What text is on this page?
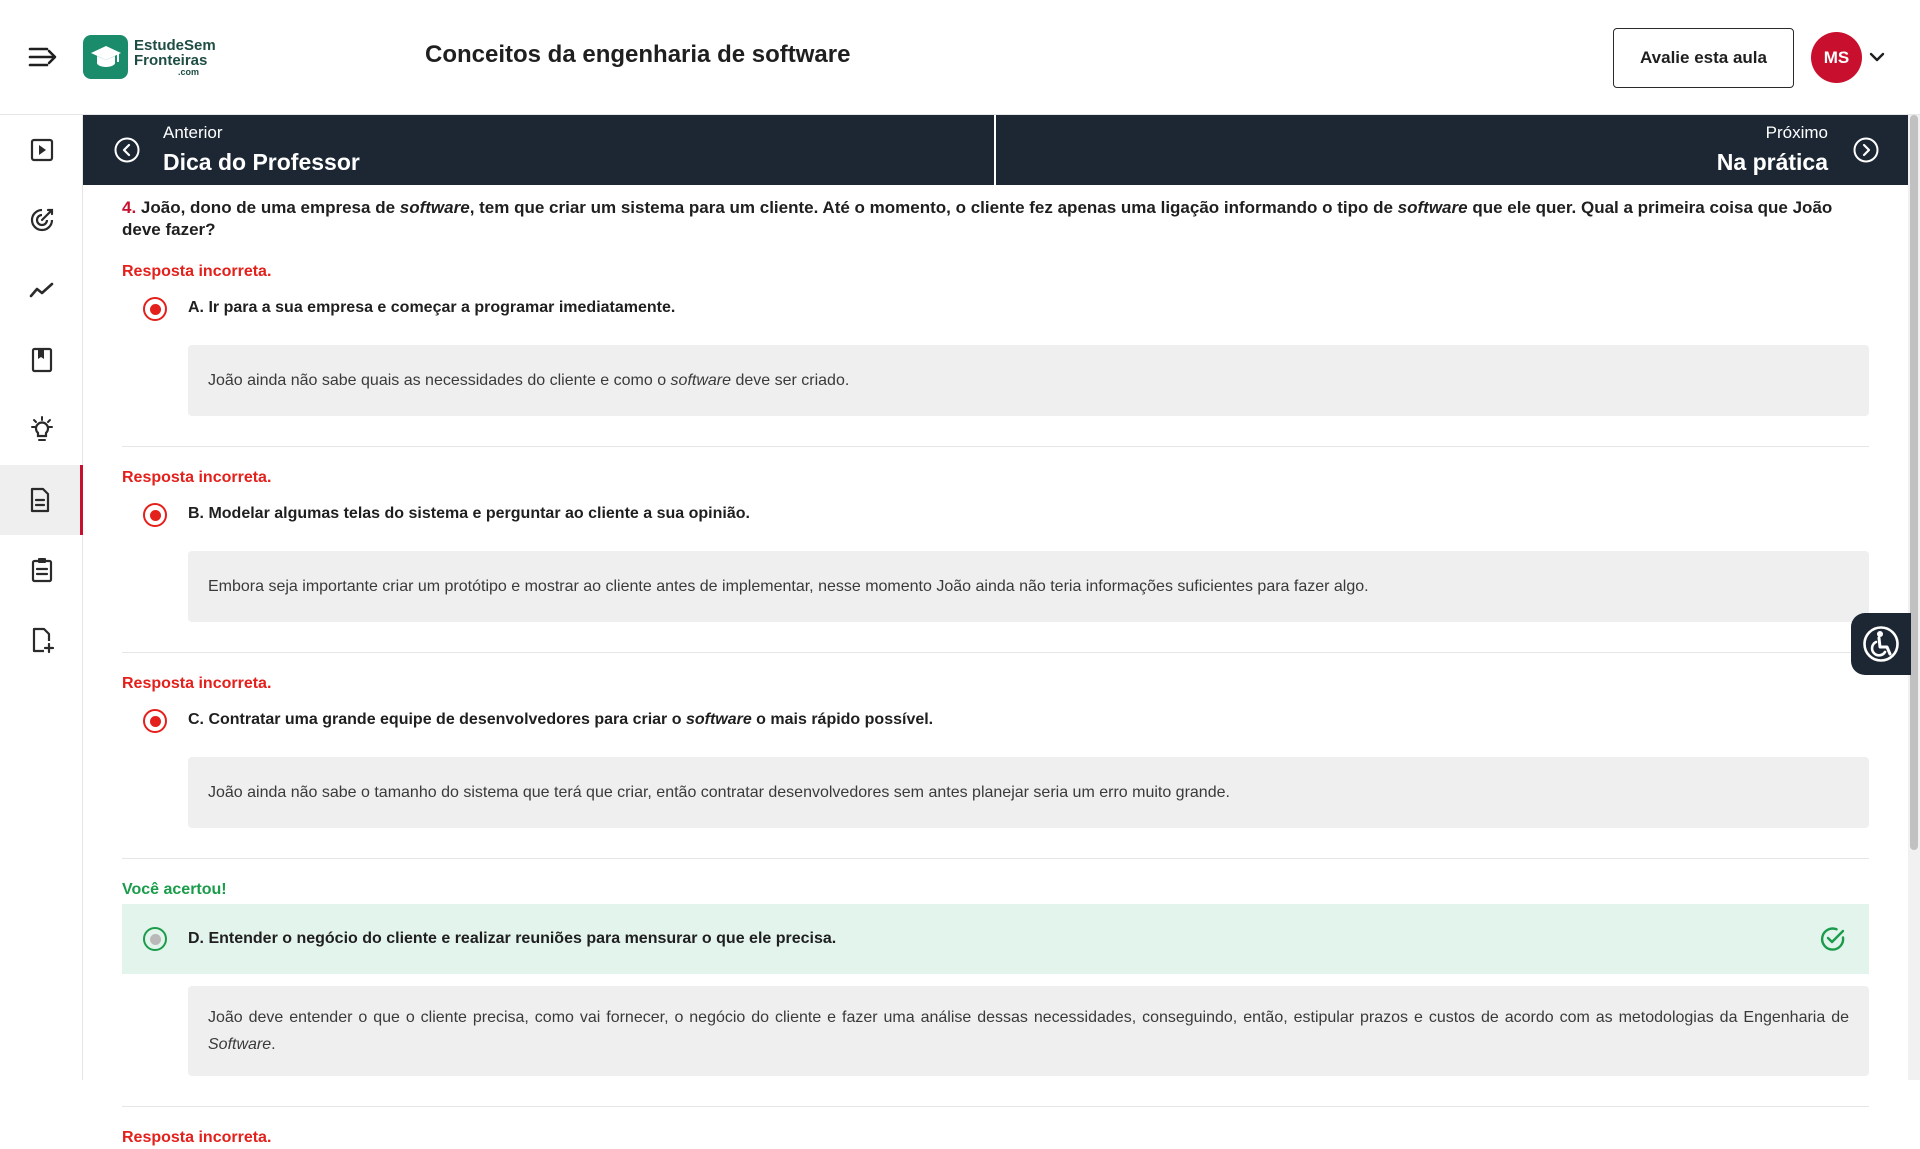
EstudeSem
Fronteiras
.com
Conceitos da engenharia de software	Avalie esta aula	MS
Anterior
Dica do Professor
Próximo
Na prática

4. João, dono de uma empresa de software, tem que criar um sistema para um cliente. Até o momento, o cliente fez apenas uma ligação informando o tipo de software que ele quer. Qual a primeira coisa que João deve fazer?

Resposta incorreta.
A. Ir para a sua empresa e começar a programar imediatamente.
João ainda não sabe quais as necessidades do cliente e como o software deve ser criado.
Resposta incorreta.
B. Modelar algumas telas do sistema e perguntar ao cliente a sua opinião.
Embora seja importante criar um protótipo e mostrar ao cliente antes de implementar, nesse momento João ainda não teria informações suficientes para fazer algo.
Resposta incorreta.
C. Contratar uma grande equipe de desenvolvedores para criar o software o mais rápido possível.
João ainda não sabe o tamanho do sistema que terá que criar, então contratar desenvolvedores sem antes planejar seria um erro muito grande.
Você acertou!
D. Entender o negócio do cliente e realizar reuniões para mensurar o que ele precisa.
João deve entender o que o cliente precisa, como vai fornecer, o negócio do cliente e fazer uma análise dessas necessidades, conseguindo, então, estipular prazos e custos de acordo com as metodologias da Engenharia de Software.
Resposta incorreta.
